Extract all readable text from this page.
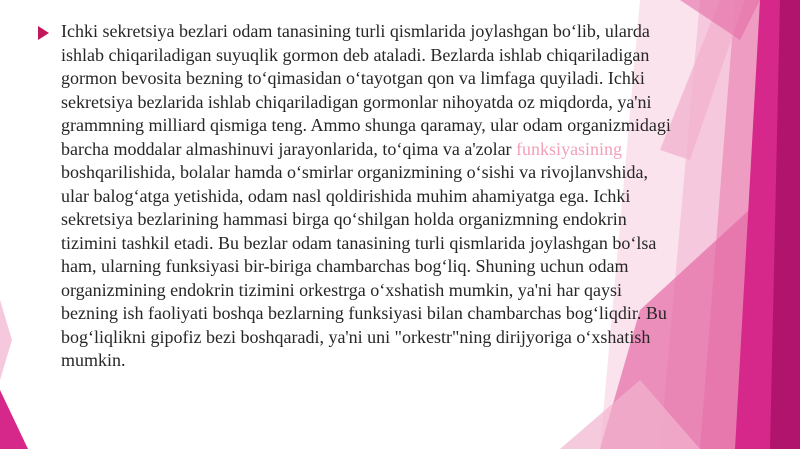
Ichki sekretsiya bezlari odam tanasining turli qismlarida joylashgan bo‘lib, ularda ishlab chiqariladigan suyuqlik gormon deb ataladi. Bezlarda ishlab chiqariladigan gormon bevosita bezning to‘qimasidan o‘tayotgan qon va limfaga quyiladi. Ichki sekretsiya bezlarida ishlab chiqariladigan gormonlar nihoyatda oz miqdorda, ya'ni grammning milliard qismiga teng. Ammo shunga qaramay, ular odam organizmidagi barcha moddalar almashinuvi jarayonlarida, to‘qima va a'zolar funksiyasining boshqarilishida, bolalar hamda o‘smirlar organizmining o‘sishi va rivojlanvshida, ular balog‘atga yetishida, odam nasl qoldirishida muhim ahamiyatga ega. Ichki sekretsiya bezlarining hammasi birga qo‘shilgan holda organizmning endokrin tizimini tashkil etadi. Bu bezlar odam tanasining turli qismlarida joylashgan bo‘lsa ham, ularning funksiyasi bir-biriga chambarchas bog‘liq. Shuning uchun odam organizmining endokrin tizimini orkestrga o‘xshatish mumkin, ya'ni har qaysi bezning ish faoliyati boshqa bezlarning funksiyasi bilan chambarchas bog‘liqdir. Bu bog‘liqlikni gipofiz bezi boshqaradi, ya'ni uni "orkestr"ning dirijyoriga o‘xshatish mumkin.
